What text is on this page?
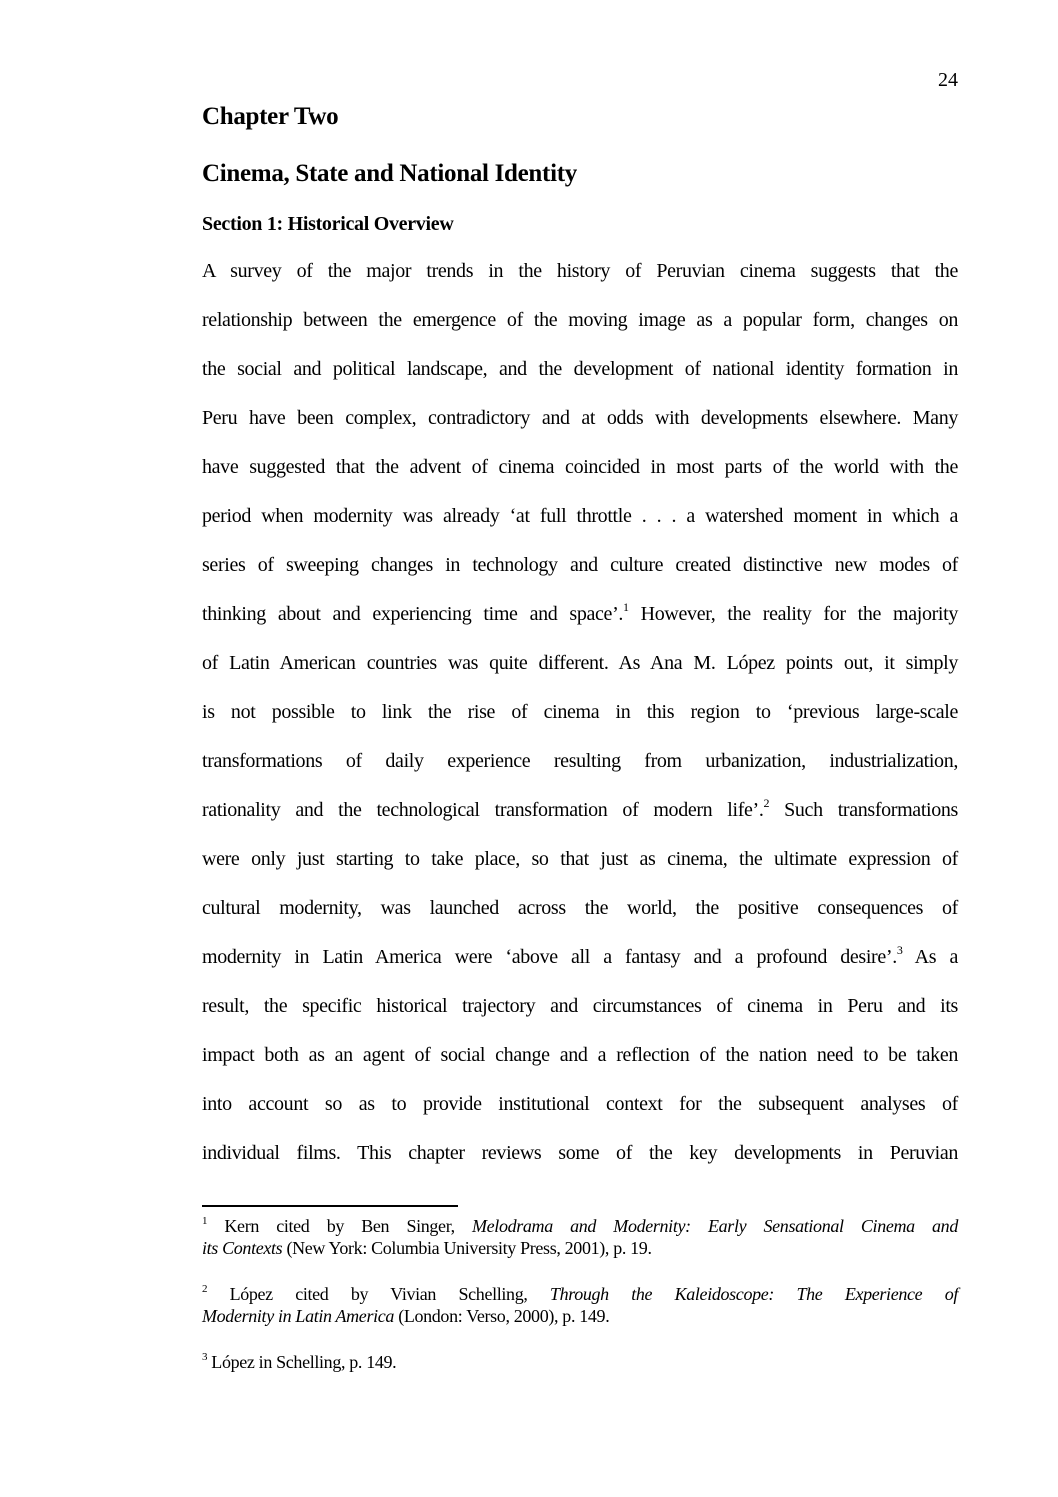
24
Chapter Two
Cinema, State and National Identity
Section 1: Historical Overview
A survey of the major trends in the history of Peruvian cinema suggests that the
relationship between the emergence of the moving image as a popular form, changes on
the social and political landscape, and the development of national identity formation in
Peru have been complex, contradictory and at odds with developments elsewhere. Many
have suggested that the advent of cinema coincided in most parts of the world with the
period when modernity was already ‘at full throttle . . . a watershed moment in which a
series of sweeping changes in technology and culture created distinctive new modes of
thinking about and experiencing time and space’.$^1$ However, the reality for the majority
of Latin American countries was quite different. As Ana M. López points out, it simply
is not possible to link the rise of cinema in this region to ‘previous large-scale
transformations of daily experience resulting from urbanization, industrialization,
rationality and the technological transformation of modern life’.$^2$ Such transformations
were only just starting to take place, so that just as cinema, the ultimate expression of
cultural modernity, was launched across the world, the positive consequences of
modernity in Latin America were ‘above all a fantasy and a profound desire’.$^3$ As a
result, the specific historical trajectory and circumstances of cinema in Peru and its
impact both as an agent of social change and a reflection of the nation need to be taken
into account so as to provide institutional context for the subsequent analyses of
individual films. This chapter reviews some of the key developments in Peruvian

$^1$ Kern cited by Ben Singer, Melodrama and Modernity: Early Sensational Cinema and
its Contexts (New York: Columbia University Press, 2001), p. 19.

$^2$ López cited by Vivian Schelling, Through the Kaleidoscope: The Experience of
Modernity in Latin America (London: Verso, 2000), p. 149.

$^3$ López in Schelling, p. 149.
